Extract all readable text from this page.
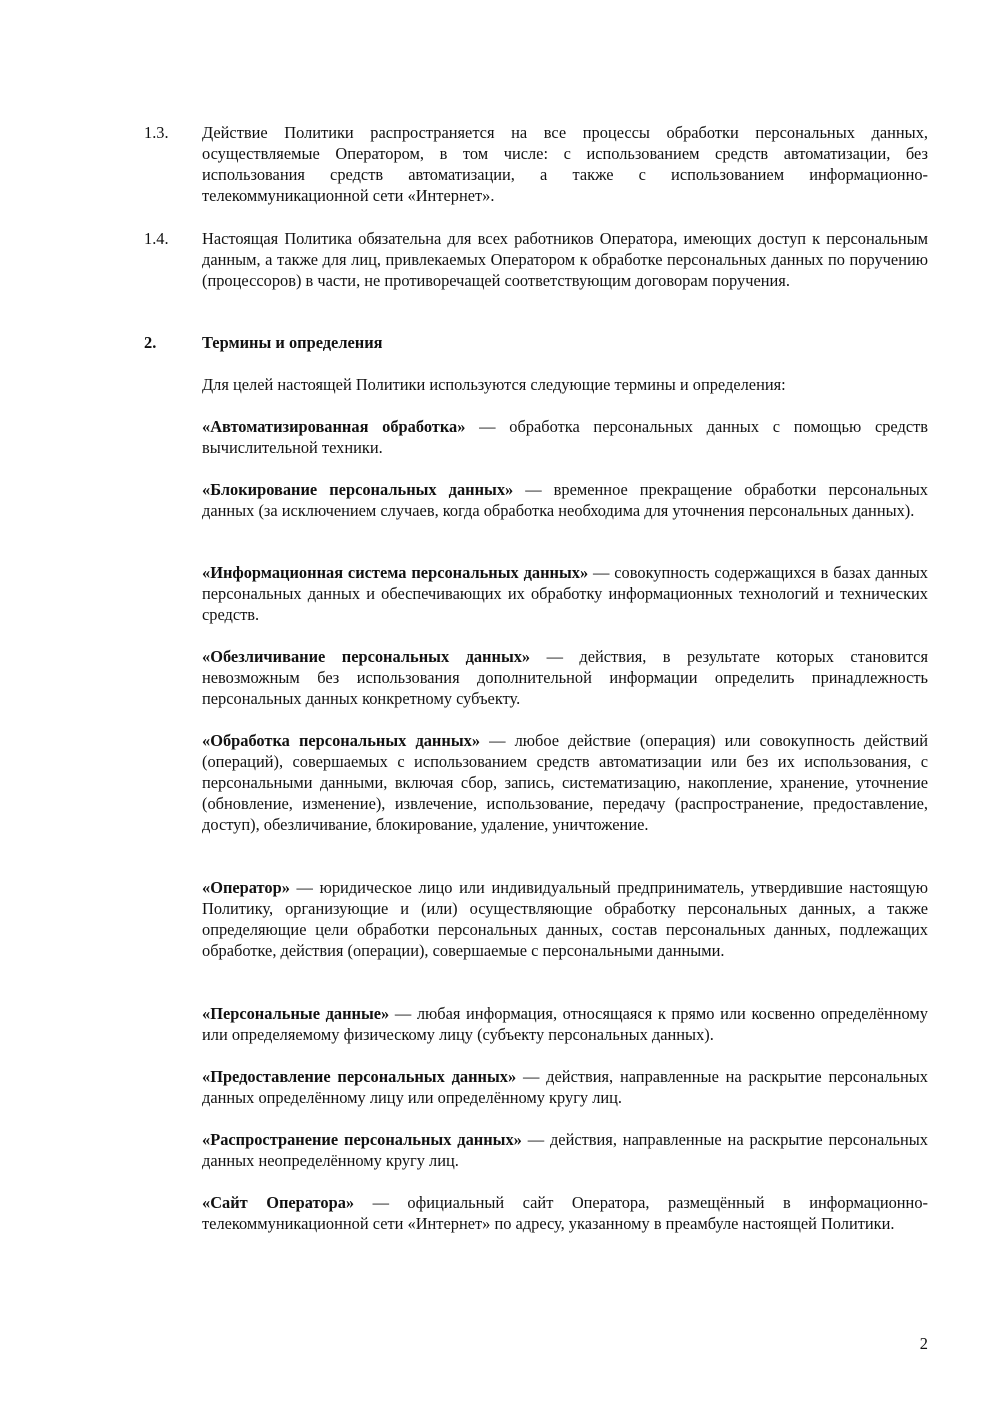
1.3.	Действие Политики распространяется на все процессы обработки персональных данных, осуществляемые Оператором, в том числе: с использованием средств автоматизации, без использования средств автоматизации, а также с использованием информационно-телекоммуникационной сети «Интернет».
1.4.	Настоящая Политика обязательна для всех работников Оператора, имеющих доступ к персональным данным, а также для лиц, привлекаемых Оператором к обработке персональных данных по поручению (процессоров) в части, не противоречащей соответствующим договорам поручения.
2.	Термины и определения
Для целей настоящей Политики используются следующие термины и определения:
«Автоматизированная обработка» — обработка персональных данных с помощью средств вычислительной техники.
«Блокирование персональных данных» — временное прекращение обработки персональных данных (за исключением случаев, когда обработка необходима для уточнения персональных данных).
«Информационная система персональных данных» — совокупность содержащихся в базах данных персональных данных и обеспечивающих их обработку информационных технологий и технических средств.
«Обезличивание персональных данных» — действия, в результате которых становится невозможным без использования дополнительной информации определить принадлежность персональных данных конкретному субъекту.
«Обработка персональных данных» — любое действие (операция) или совокупность действий (операций), совершаемых с использованием средств автоматизации или без их использования, с персональными данными, включая сбор, запись, систематизацию, накопление, хранение, уточнение (обновление, изменение), извлечение, использование, передачу (распространение, предоставление, доступ), обезличивание, блокирование, удаление, уничтожение.
«Оператор» — юридическое лицо или индивидуальный предприниматель, утвердившие настоящую Политику, организующие и (или) осуществляющие обработку персональных данных, а также определяющие цели обработки персональных данных, состав персональных данных, подлежащих обработке, действия (операции), совершаемые с персональными данными.
«Персональные данные» — любая информация, относящаяся к прямо или косвенно определённому или определяемому физическому лицу (субъекту персональных данных).
«Предоставление персональных данных» — действия, направленные на раскрытие персональных данных определённому лицу или определённому кругу лиц.
«Распространение персональных данных» — действия, направленные на раскрытие персональных данных неопределённому кругу лиц.
«Сайт Оператора» — официальный сайт Оператора, размещённый в информационно-телекоммуникационной сети «Интернет» по адресу, указанному в преамбуле настоящей Политики.
2
